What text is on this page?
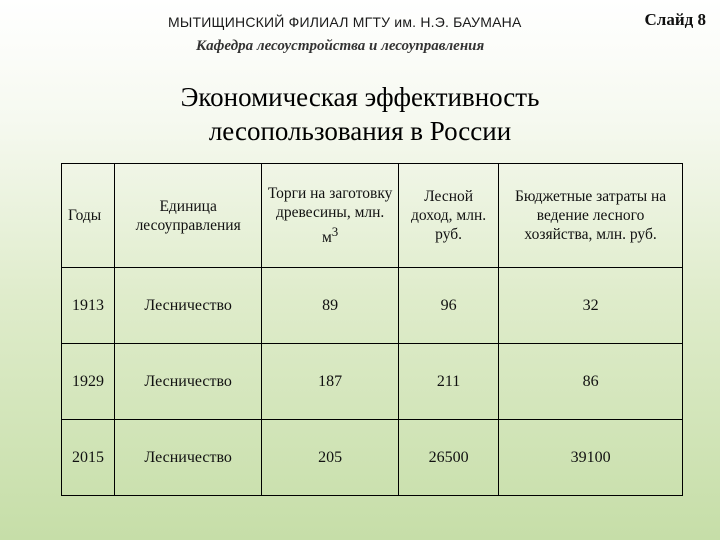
МЫТИЩИНСКИЙ ФИЛИАЛ МГТУ им. Н.Э. БАУМАНА
Кафедра лесоустройства и лесоуправления
Слайд 8
Экономическая эффективность
лесопользования в России
Годы	Единица лесоуправления	Торги на заготовку древесины, млн. $м^3$	Лесной доход, млн. руб.	Бюджетные затраты на ведение лесного хозяйства, млн. руб.
1913	Лесничество	89	96	32
1929	Лесничество	187	211	86
2015	Лесничество	205	26500	39100
